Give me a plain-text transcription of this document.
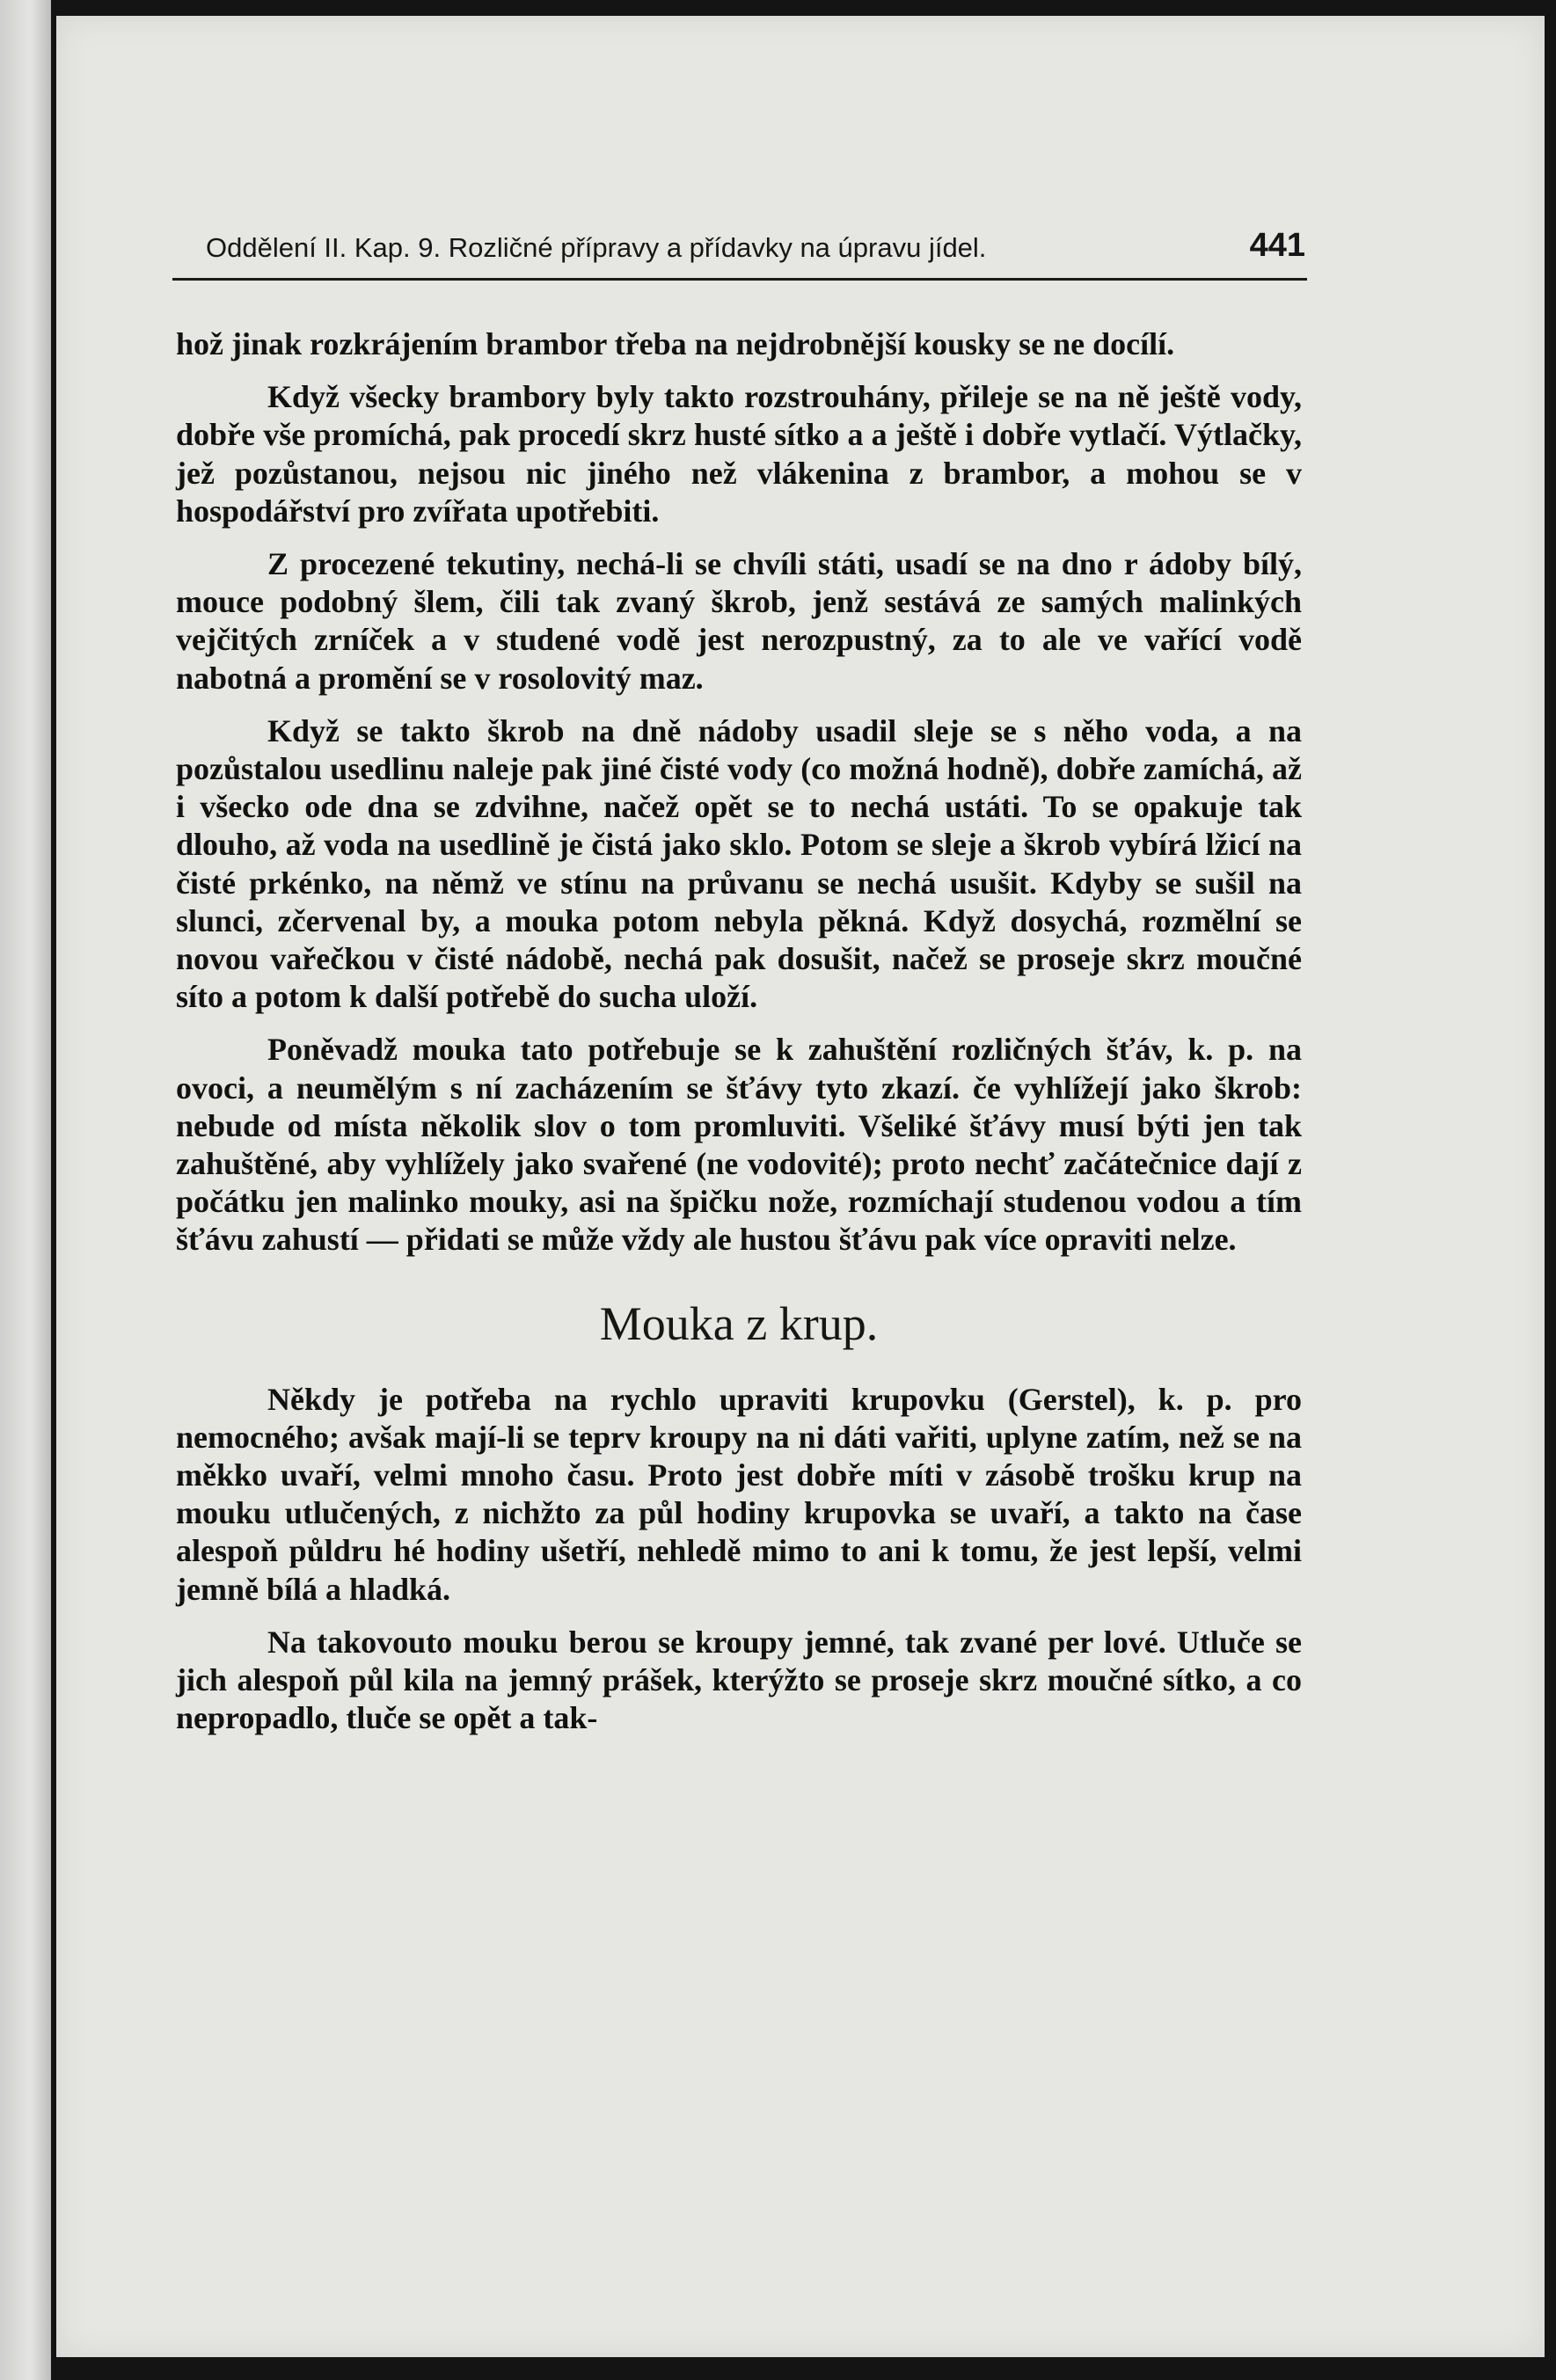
Oddělení II. Kap. 9. Rozličné přípravy a přídavky na úpravu jídel.	441

hož jinak rozkrájením brambor třeba na nejdrobnější kousky se ne docílí.

Když všecky brambory byly takto rozstrouhány, přileje se na ně ještě vody, dobře vše promíchá, pak procedí skrz husté sítko a a ještě i dobře vytlačí. Výtlačky, jež pozůstanou, nejsou nic jiného než vlákenina z brambor, a mohou se v hospodářství pro zvířata upotřebiti.

Z procezené tekutiny, nechá-li se chvíli státi, usadí se na dno r ádoby bílý, mouce podobný šlem, čili tak zvaný škrob, jenž sestává ze samých malinkých vejčitých zrníček a v studené vodě jest nerozpustný, za to ale ve vařící vodě nabotná a promění se v rosolovitý maz.

Když se takto škrob na dně nádoby usadil sleje se s něho voda, a na pozůstalou usedlinu naleje pak jiné čisté vody (co možná hodně), dobře zamíchá, až i všecko ode dna se zdvihne, načež opět se to nechá ustáti. To se opakuje tak dlouho, až voda na usedlině je čistá jako sklo. Potom se sleje a škrob vybírá lžicí na čisté prkénko, na němž ve stínu na průvanu se nechá usušit. Kdyby se sušil na slunci, zčervenal by, a mouka potom nebyla pěkná. Když dosychá, rozmělní se novou vařečkou v čisté nádobě, nechá pak dosušit, načež se proseje skrz moučné síto a potom k další potřebě do sucha uloží.

Poněvadž mouka tato potřebuje se k zahuštění rozličných šťáv, k. p. na ovoci, a neumělým s ní zacházením se šťávy tyto zkazí. če vyhlížejí jako škrob: nebude od místa několik slov o tom promluviti. Všeliké šťávy musí býti jen tak zahuštěné, aby vyhlížely jako svařené (ne vodovité); proto nechť začátečnice dají z počátku jen malinko mouky, asi na špičku nože, rozmíchají studenou vodou a tím šťávu zahustí — přidati se může vždy ale hustou šťávu pak více opraviti nelze.

Mouka z krup.

Někdy je potřeba na rychlo upraviti krupovku (Gerstel), k. p. pro nemocného; avšak mají-li se teprv kroupy na ni dáti vařiti, uplyne zatím, než se na měkko uvaří, velmi mnoho času. Proto jest dobře míti v zásobě trošku krup na mouku utlučených, z nichžto za půl hodiny krupovka se uvaří, a takto na čase alespoň půldru hé hodiny ušetří, nehledě mimo to ani k tomu, že jest lepší, velmi jemně bílá a hladká.

Na takovouto mouku berou se kroupy jemné, tak zvané per lové. Utluče se jich alespoň půl kila na jemný prášek, kterýžto se proseje skrz moučné sítko, a co nepropadlo, tluče se opět a tak-
